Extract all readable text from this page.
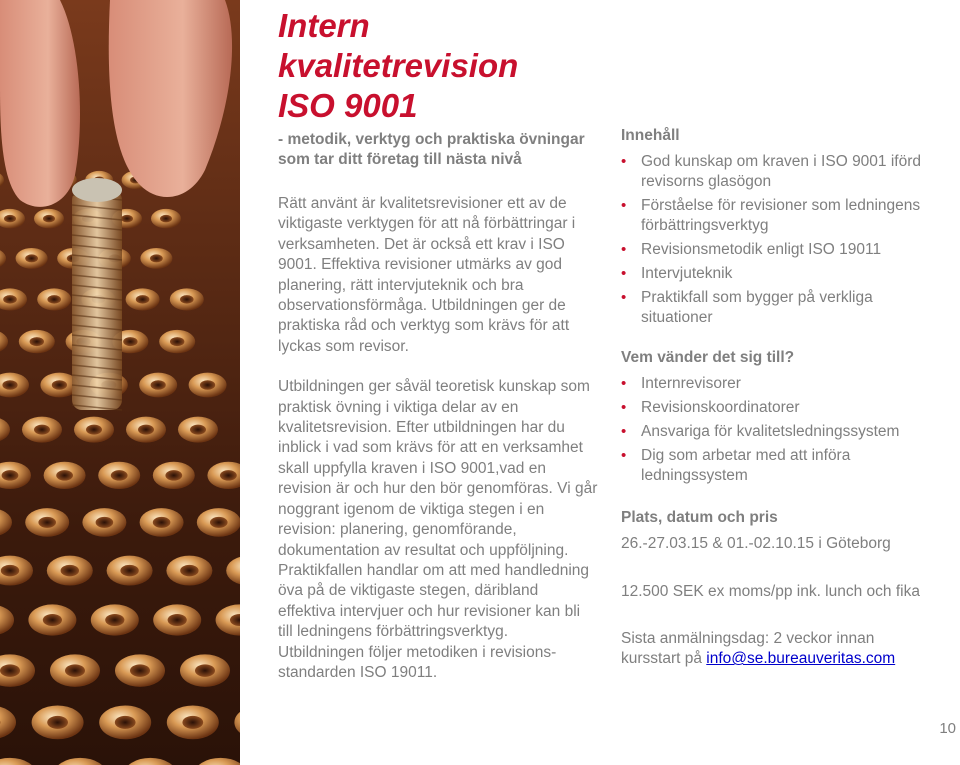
Intern
kvalitetrevision
ISO 9001

- metodik, verktyg och praktiska övningar som tar ditt företag till nästa nivå

Rätt använt är kvalitetsrevisioner ett av de viktigaste verktygen för att nå förbättringar i verksamheten. Det är också ett krav i ISO 9001. Effektiva revisioner utmärks av god planering, rätt intervjuteknik och bra observationsförmåga. Utbildningen ger de praktiska råd och verktyg som krävs för att lyckas som revisor.

Utbildningen ger såväl teoretisk kunskap som praktisk övning i viktiga delar av en kvalitetsrevision. Efter utbildningen har du inblick i vad som krävs för att en verksamhet skall uppfylla kraven i ISO 9001,vad en revision är och hur den bör genomföras. Vi går noggrant igenom de viktiga stegen i en revision: planering, genomförande, dokumentation av resultat och uppföljning. Praktikfallen handlar om att med handledning öva på de viktigaste stegen, däribland effektiva intervjuer och hur revisioner kan bli till ledningens förbättringsverktyg. Utbildningen följer metodiken i revisions-standarden ISO 19011.

Innehåll

• God kunskap om kraven i ISO 9001 iförd revisorns glasögon
• Förståelse för revisioner som ledningens förbättringsverktyg
• Revisionsmetodik enligt ISO 19011
• Intervjuteknik
• Praktikfall som bygger på verkliga situationer

Vem vänder det sig till?

• Internrevisorer
• Revisionskoordinatorer
• Ansvariga för kvalitetsledningssystem
• Dig som arbetar med att införa ledningssystem

Plats, datum och pris

26.-27.03.15 & 01.-02.10.15 i Göteborg

12.500 SEK ex moms/pp ink. lunch och fika

Sista anmälningsdag: 2 veckor innan kursstart på info@se.bureauveritas.com

10
